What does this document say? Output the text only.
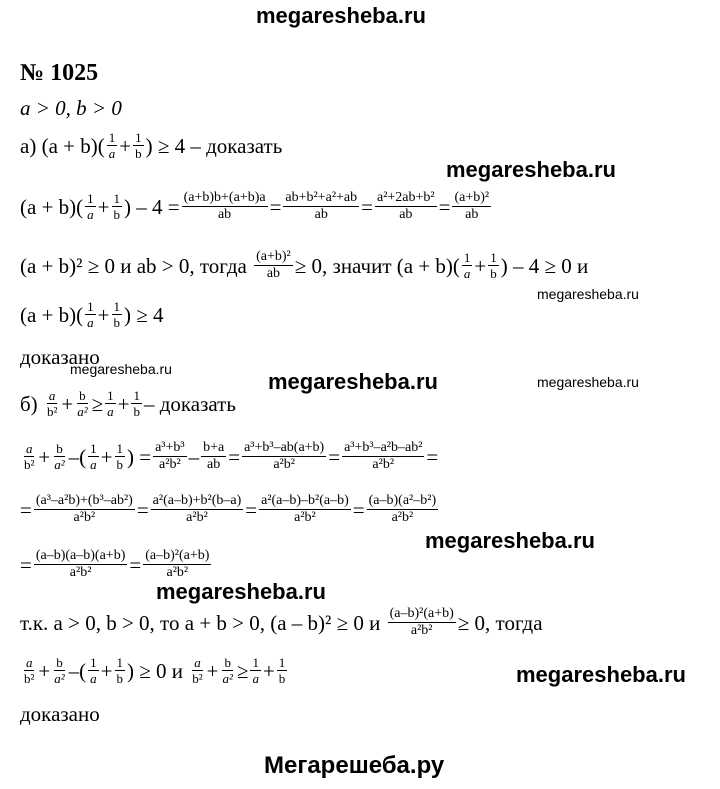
megaresheba.ru
megaresheba.ru
megaresheba.ru
megaresheba.ru	megaresheba.ru	megaresheba.ru
megaresheba.ru
megaresheba.ru
megaresheba.ru
Мегарешеба.ру
№ 1025
a > 0, b > 0
а)
$(a + b)( \frac{1}{a} + \frac{1}{b}$ ) ≥ 4 – доказать
$(a + b)( \frac{1}{a} + \frac{1}{b}$ ) – $4 = \frac{(a+b)b+(a+b)a}{ab} = \frac{\text{ab+b²+a²+ab}}{ab} = \frac{\text{a²+2ab+b²}}{ab} = \frac{\text{(a+b)²}}{ab}$
(a + b)² ≥ 0 и ab > 0, тогда
$\frac{\text{(a+b)²}}{ab} \ge 0$, значит $(a + b)( \frac{1}{a} + \frac{1}{b}$ ) – 4 ≥ 0 и
$(a + b)( \frac{1}{a} + \frac{1}{b}$ ) ≥ 4
доказано
б)
$\frac{a}{\text{b²}} + \frac{b}{\text{a²}} \ge \frac{1}{a} + \frac{1}{b}$ – доказать
$\frac{a}{\text{b²}} + \frac{b}{\text{a²}}$ –( $\frac{1}{a} + \frac{1}{b}$ ) = $\frac{\text{a³+b³}}{\text{a²b²}} - \frac{b+a}{ab} = \frac{\text{a³+b³–ab(a+b)}}{\text{a²b²}} = \frac{\text{a³+b³–a²b–ab²}}{\text{a²b²}}$ =
= $\frac{\text{(a³–a²b)+(b³–ab²)}}{\text{a²b²}} = \frac{\text{a²(a–b)+b²(b–a)}}{\text{a²b²}} = \frac{\text{a²(a–b)–b²(a–b)}}{\text{a²b²}} = \frac{\text{(a–b)(a²–b²)}}{\text{a²b²}}$
= $\frac{(a-b)(a-b)(a+b)}{\text{a²b²}} = \frac{\text{(a–b)²(a+b)}}{\text{a²b²}}$
т.к. a > 0, b > 0, то a + b > 0, (a – b)² ≥ 0 и
$\frac{\text{(a–b)²(a+b)}}{\text{a²b²}} \ge 0$, тогда
$\frac{a}{\text{b²}} + \frac{b}{\text{a²}}$ –( $\frac{1}{a} + \frac{1}{b}$ ) ≥ 0 и
$\frac{a}{\text{b²}} + \frac{b}{\text{a²}} \ge \frac{1}{a} + \frac{1}{b}$
доказано
